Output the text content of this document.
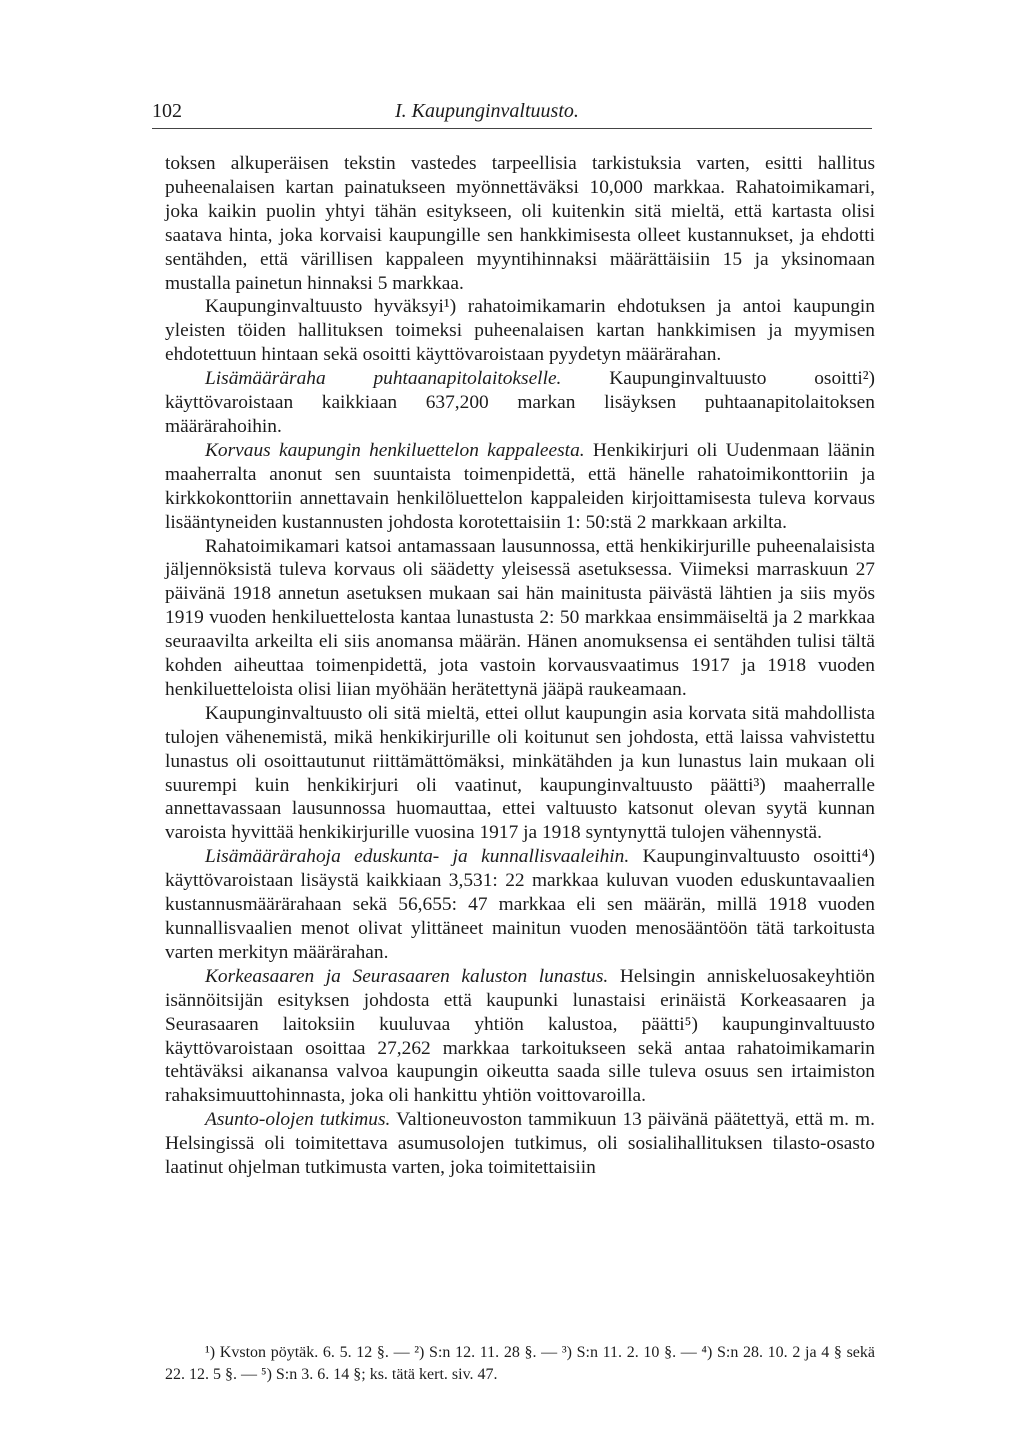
102	I. Kaupunginvaltuusto.

toksen alkuperäisen tekstin vastedes tarpeellisia tarkistuksia varten, esitti hallitus puheenalaisen kartan painatukseen myönnettäväksi 10,000 markkaa. Rahatoimikamari, joka kaikin puolin yhtyi tähän esitykseen, oli kuitenkin sitä mieltä, että kartasta olisi saatava hinta, joka korvaisi kaupungille sen hankkimisesta olleet kustannukset, ja ehdotti sentähden, että värillisen kappaleen myyntihinnaksi määrättäisiin 15 ja yksinomaan mustalla painetun hinnaksi 5 markkaa.

Kaupunginvaltuusto hyväksyi¹) rahatoimikamarin ehdotuksen ja antoi kaupungin yleisten töiden hallituksen toimeksi puheenalaisen kartan hankkimisen ja myymisen ehdotettuun hintaan sekä osoitti käyttövaroistaan pyydetyn määrärahan.

Lisämääräraha puhtaanapitolaitokselle. Kaupunginvaltuusto osoitti²) käyttövaroistaan kaikkiaan 637,200 markan lisäyksen puhtaanapitolaitoksen määrärahoihin.

Korvaus kaupungin henkiluettelon kappaleesta. Henkikirjuri oli Uudenmaan läänin maaherralta anonut sen suuntaista toimenpidettä, että hänelle rahatoimikonttoriin ja kirkkokonttoriin annettavain henkilöluettelon kappaleiden kirjoittamisesta tuleva korvaus lisääntyneiden kustannusten johdosta korotettaisiin 1: 50:stä 2 markkaan arkilta.

Rahatoimikamari katsoi antamassaan lausunnossa, että henkikirjurille puheenalaisista jäljennöksistä tuleva korvaus oli säädetty yleisessä asetuksessa. Viimeksi marraskuun 27 päivänä 1918 annetun asetuksen mukaan sai hän mainitusta päivästä lähtien ja siis myös 1919 vuoden henkiluettelosta kantaa lunastusta 2: 50 markkaa ensimmäiseltä ja 2 markkaa seuraavilta arkeilta eli siis anomansa määrän. Hänen anomuksensa ei sentähden tulisi tältä kohden aiheuttaa toimenpidettä, jota vastoin korvausvaatimus 1917 ja 1918 vuoden henkiluetteloista olisi liian myöhään herätettynä jääpä raukeamaan.

Kaupunginvaltuusto oli sitä mieltä, ettei ollut kaupungin asia korvata sitä mahdollista tulojen vähenemistä, mikä henkikirjurille oli koitunut sen johdosta, että laissa vahvistettu lunastus oli osoittautunut riittämättömäksi, minkätähden ja kun lunastus lain mukaan oli suurempi kuin henkikirjuri oli vaatinut, kaupunginvaltuusto päätti³) maaherralle annettavassaan lausunnossa huomauttaa, ettei valtuusto katsonut olevan syytä kunnan varoista hyvittää henkikirjurille vuosina 1917 ja 1918 syntynyttä tulojen vähennystä.

Lisämäärärahoja eduskunta- ja kunnallisvaaleihin. Kaupunginvaltuusto osoitti⁴) käyttövaroistaan lisäystä kaikkiaan 3,531: 22 markkaa kuluvan vuoden eduskuntavaalien kustannusmäärärahaan sekä 56,655: 47 markkaa eli sen määrän, millä 1918 vuoden kunnallisvaalien menot olivat ylittäneet mainitun vuoden menosääntöön tätä tarkoitusta varten merkityn määrärahan.

Korkeasaaren ja Seurasaaren kaluston lunastus. Helsingin anniskeluosakeyhtiön isännöitsijän esityksen johdosta että kaupunki lunastaisi erinäistä Korkeasaaren ja Seurasaaren laitoksiin kuuluvaa yhtiön kalustoa, päätti⁵) kaupunginvaltuusto käyttövaroistaan osoittaa 27,262 markkaa tarkoitukseen sekä antaa rahatoimikamarin tehtäväksi aikanansa valvoa kaupungin oikeutta saada sille tuleva osuus sen irtaimiston rahaksimuuttohinnasta, joka oli hankittu yhtiön voittovaroilla.

Asunto-olojen tutkimus. Valtioneuvoston tammikuun 13 päivänä päätettyä, että m. m. Helsingissä oli toimitettava asumusolojen tutkimus, oli sosialihallituksen tilasto-osasto laatinut ohjelman tutkimusta varten, joka toimitettaisiin

¹) Kvston pöytäk. 6. 5. 12 §. — ²) S:n 12. 11. 28 §. — ³) S:n 11. 2. 10 §. — ⁴) S:n 28. 10. 2 ja 4 § sekä 22. 12. 5 §. — ⁵) S:n 3. 6. 14 §; ks. tätä kert. siv. 47.
